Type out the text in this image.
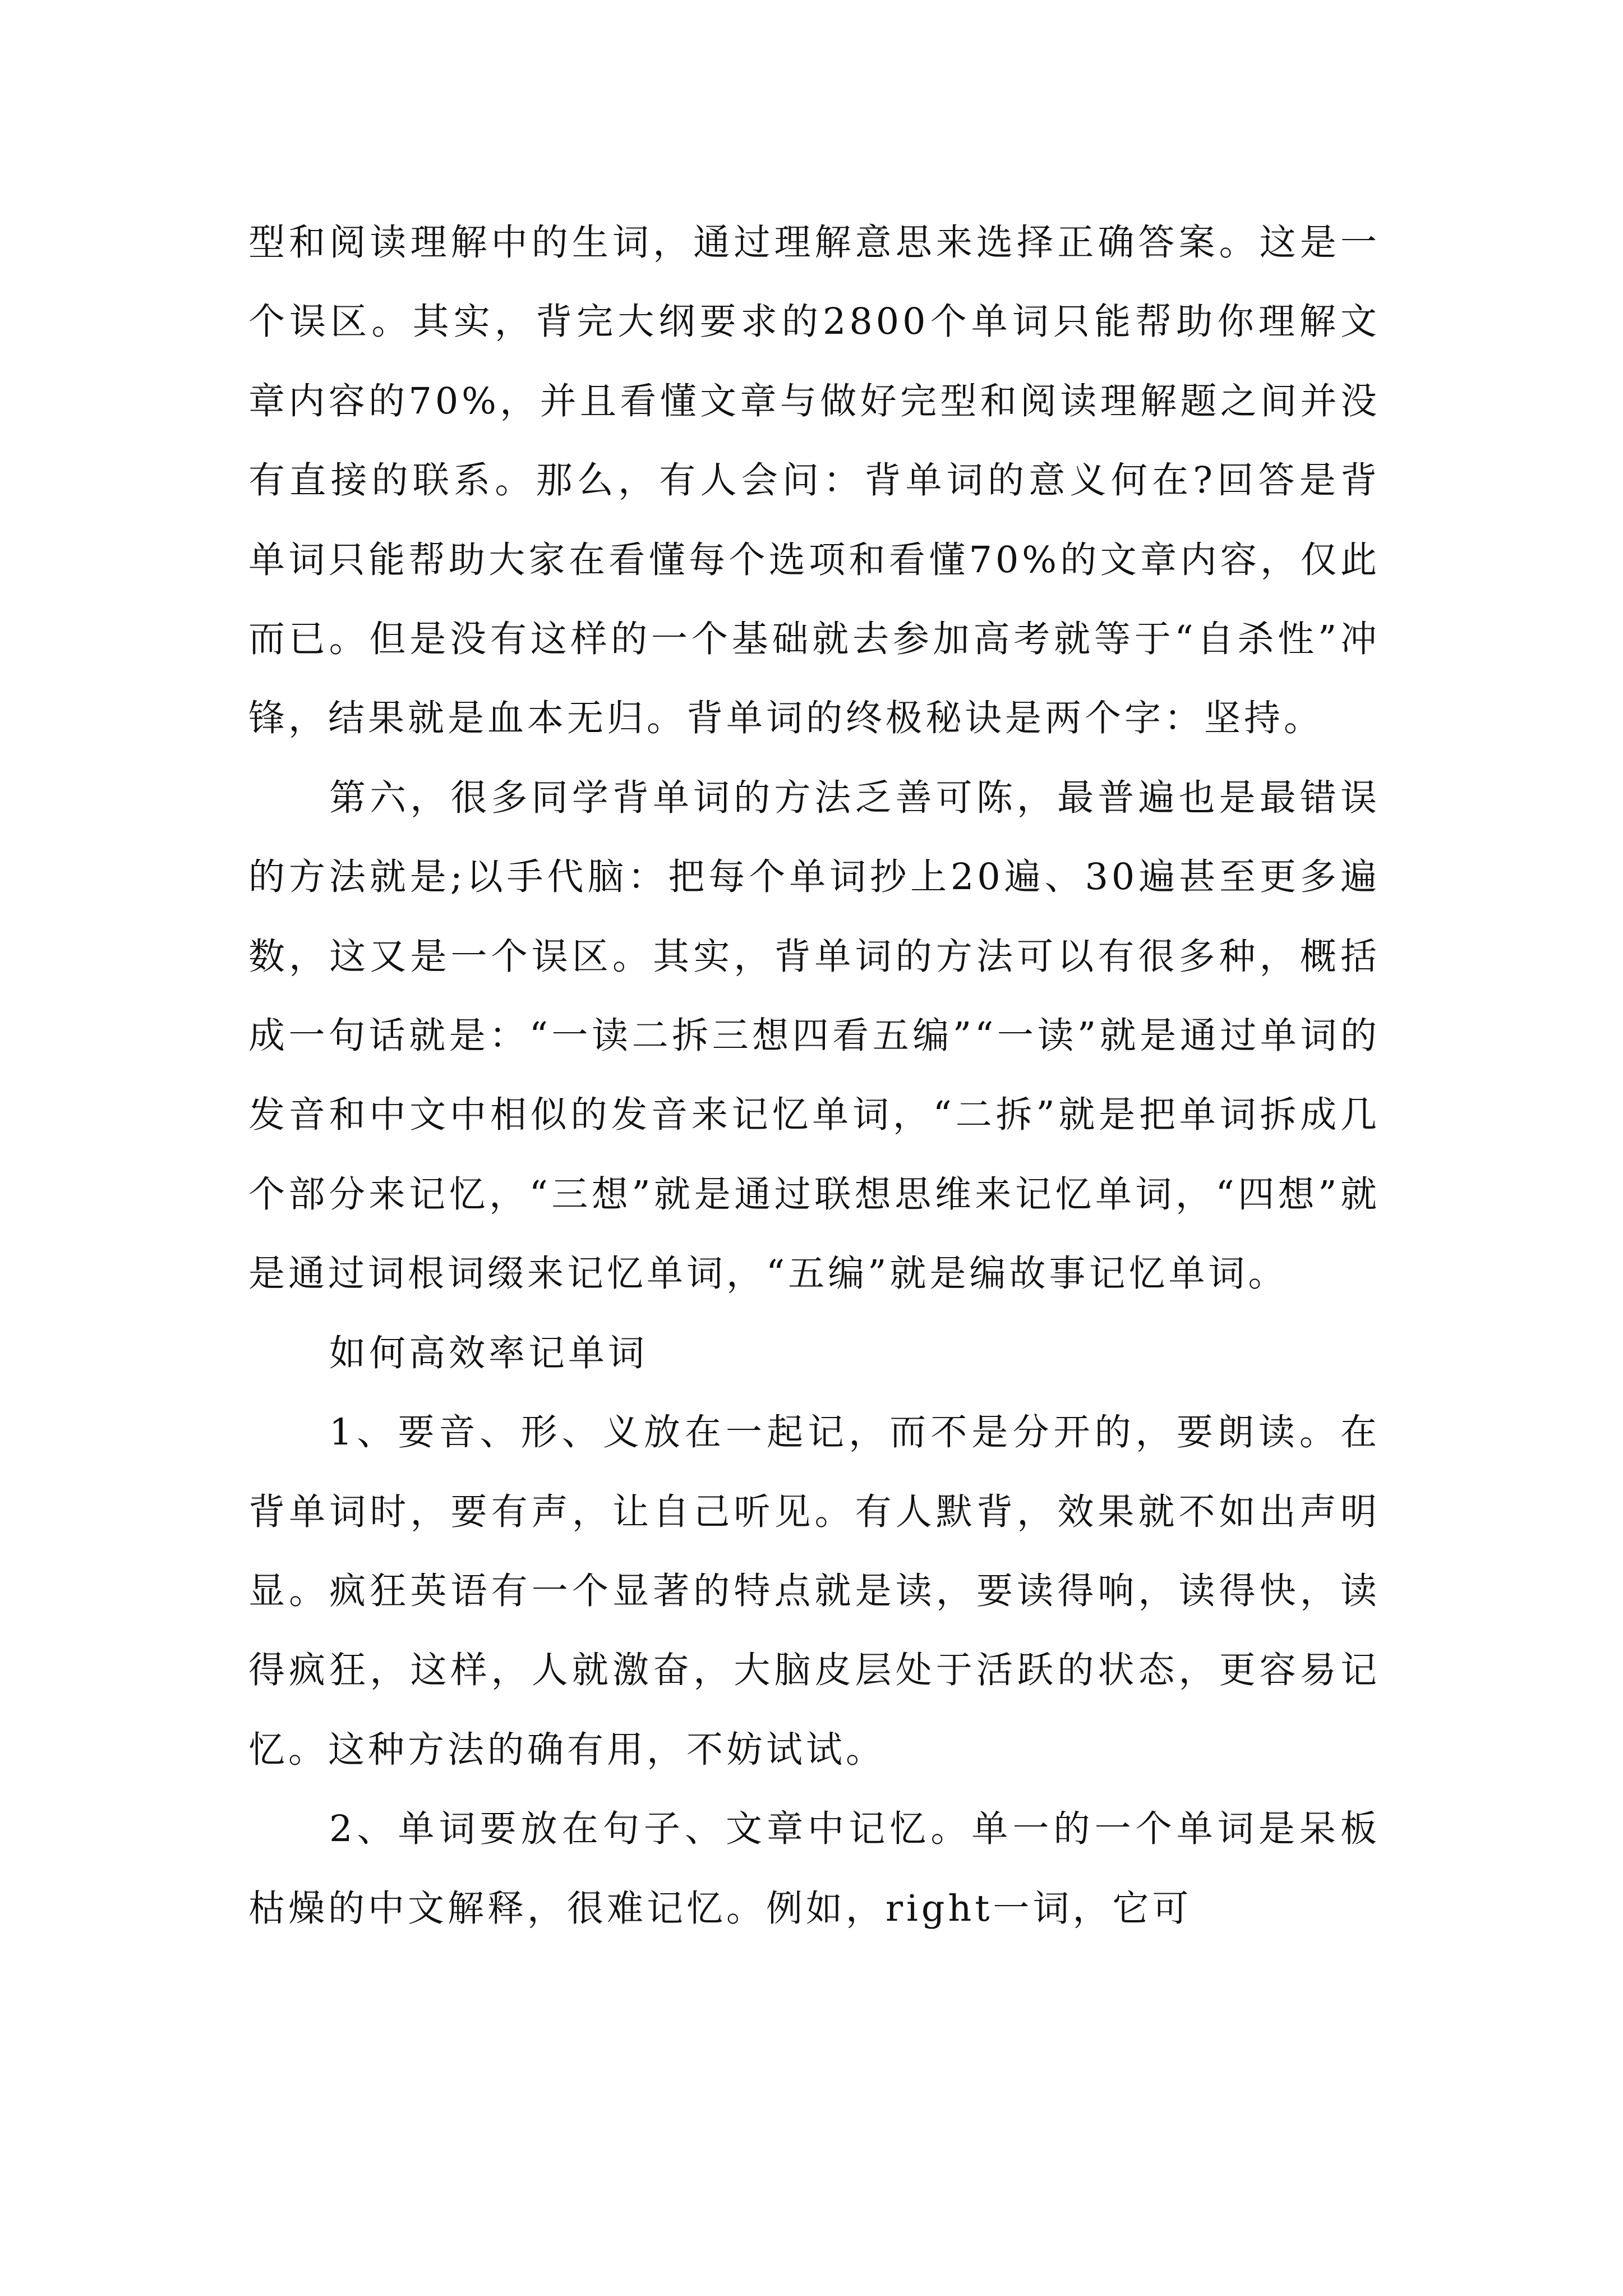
型和阅读理解中的生词，通过理解意思来选择正确答案。这是一个误区。其实，背完大纲要求的2800个单词只能帮助你理解文章内容的70%，并且看懂文章与做好完型和阅读理解题之间并没有直接的联系。那么，有人会问：背单词的意义何在?回答是背单词只能帮助大家在看懂每个选项和看懂70%的文章内容，仅此而已。但是没有这样的一个基础就去参加高考就等于“自杀性”冲锋，结果就是血本无归。背单词的终极秘诀是两个字：坚持。

第六，很多同学背单词的方法乏善可陈，最普遍也是最错误的方法就是;以手代脑：把每个单词抄上20遍、30遍甚至更多遍数，这又是一个误区。其实，背单词的方法可以有很多种，概括成一句话就是：“一读二拆三想四看五编”“一读”就是通过单词的发音和中文中相似的发音来记忆单词，“二拆”就是把单词拆成几个部分来记忆，“三想”就是通过联想思维来记忆单词，“四想”就是通过词根词缀来记忆单词，“五编”就是编故事记忆单词。

如何高效率记单词

1、要音、形、义放在一起记，而不是分开的，要朗读。在背单词时，要有声，让自己听见。有人默背，效果就不如出声明显。疯狂英语有一个显著的特点就是读，要读得响，读得快，读得疯狂，这样，人就激奋，大脑皮层处于活跃的状态，更容易记忆。这种方法的确有用，不妨试试。

2、单词要放在句子、文章中记忆。单一的一个单词是呆板枯燥的中文解释，很难记忆。例如，right一词，它可
